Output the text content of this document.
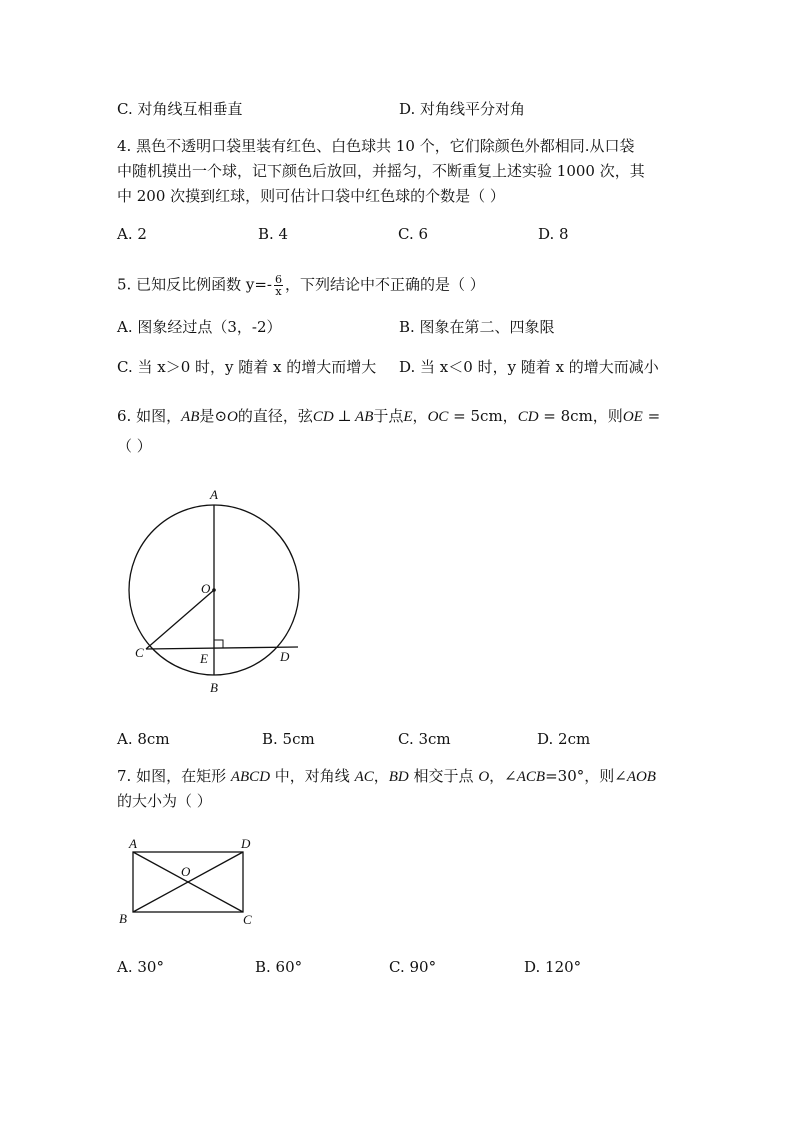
C. 对角线互相垂直	D. 对角线平分对角
4. 黑色不透明口袋里装有红色、白色球共 10 个，它们除颜色外都相同.从口袋
中随机摸出一个球，记下颜色后放回，并摇匀，不断重复上述实验 1000 次，其
中 200 次摸到红球，则可估计口袋中红色球的个数是（ ）
A. 2	B. 4	C. 6	D. 8
5. 已知反比例函数 $y=- \frac{6}{x}$ ，下列结论中不正确的是（ ）
A. 图象经过点（3，-2）	B. 图象在第二、四象限
C. 当 x＞0 时，y 随着 x 的增大而增大 D. 当 x＜0 时，y 随着 x 的增大而减小
6. 如图，AB是⊙O的直径，弦CD ⊥ AB于点E，OC = 5cm，CD = 8cm，则OE =
（ ）
A
O
C	E	D
B
A. 8cm	B. 5cm	C. 3cm	D. 2cm
7. 如图，在矩形 ABCD 中，对角线 AC，BD 相交于点 O，∠ACB=30°，则∠AOB
的大小为（ ）
A	D
O
B	C
A. 30°	B. 60°	C. 90°	D. 120°
